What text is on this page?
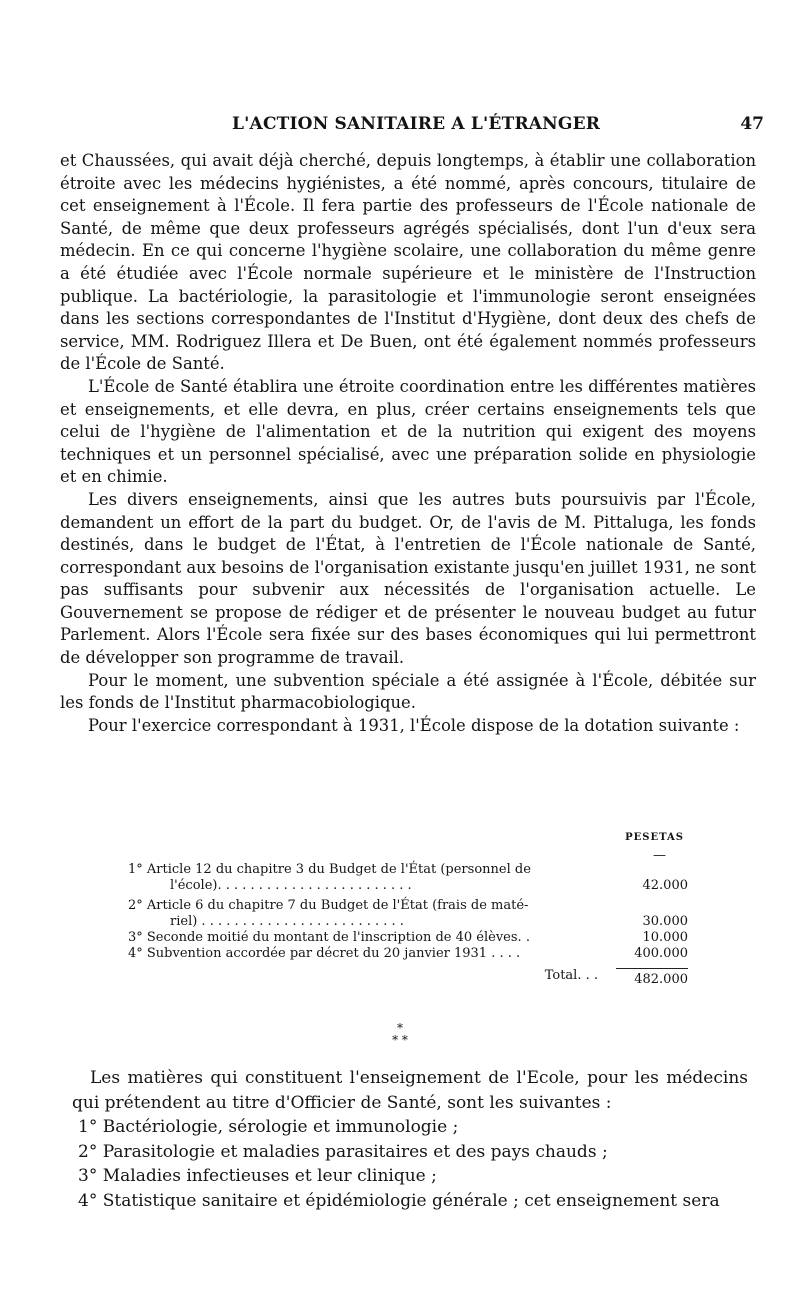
L'ACTION SANITAIRE A L'ÉTRANGER	47

et Chaussées, qui avait déjà cherché, depuis longtemps, à établir une collaboration étroite avec les médecins hygiénistes, a été nommé, après concours, titulaire de cet enseignement à l'École. Il fera partie des professeurs de l'École nationale de Santé, de même que deux professeurs agrégés spécialisés, dont l'un d'eux sera médecin. En ce qui concerne l'hygiène scolaire, une collaboration du même genre a été étudiée avec l'École normale supérieure et le ministère de l'Instruction publique. La bactériologie, la parasitologie et l'immunologie seront enseignées dans les sections correspondantes de l'Institut d'Hygiène, dont deux des chefs de service, MM. Rodriguez Illera et De Buen, ont été également nommés professeurs de l'École de Santé.

L'École de Santé établira une étroite coordination entre les différentes matières et enseignements, et elle devra, en plus, créer certains enseignements tels que celui de l'hygiène de l'alimentation et de la nutrition qui exigent des moyens techniques et un personnel spécialisé, avec une préparation solide en physiologie et en chimie.

Les divers enseignements, ainsi que les autres buts poursuivis par l'École, demandent un effort de la part du budget. Or, de l'avis de M. Pittaluga, les fonds destinés, dans le budget de l'État, à l'entretien de l'École nationale de Santé, correspondant aux besoins de l'organisation existante jusqu'en juillet 1931, ne sont pas suffisants pour subvenir aux nécessités de l'organisation actuelle. Le Gouvernement se propose de rédiger et de présenter le nouveau budget au futur Parlement. Alors l'École sera fixée sur des bases économiques qui lui permettront de développer son programme de travail.

Pour le moment, une subvention spéciale a été assignée à l'École, débitée sur les fonds de l'Institut pharmacobiologique.

Pour l'exercice correspondant à 1931, l'École dispose de la dotation suivante :

PESETAS
—
1° Article 12 du chapitre 3 du Budget de l'État (personnel de
l'école). . . . . . . . . . . . . . . . . . . . . . . .	42.000
2° Article 6 du chapitre 7 du Budget de l'État (frais de maté-
riel) . . . . . . . . . . . . . . . . . . . . . . . . .	30.000
3° Seconde moitié du montant de l'inscription de 40 élèves. .	10.000
4° Subvention accordée par décret du 20 janvier 1931 . . . .	400.000
Total. . .	482.000
*
* *

Les matières qui constituent l'enseignement de l'Ecole, pour les médecins qui prétendent au titre d'Officier de Santé, sont les suivantes :

1° Bactériologie, sérologie et immunologie ;
2° Parasitologie et maladies parasitaires et des pays chauds ;
3° Maladies infectieuses et leur clinique ;
4° Statistique sanitaire et épidémiologie générale ; cet enseignement sera
